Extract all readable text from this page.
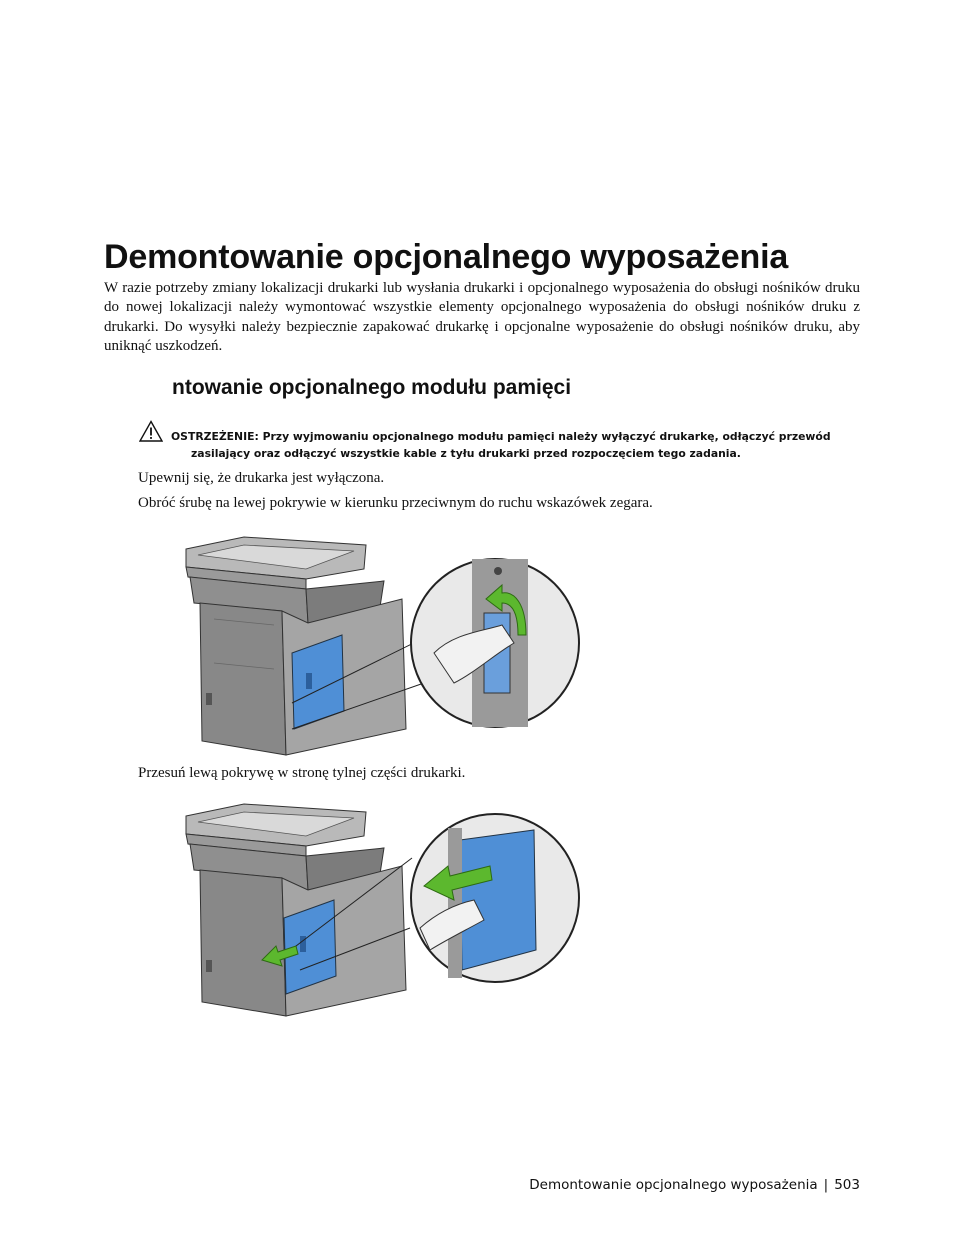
Demontowanie opcjonalnego wyposażenia
W razie potrzeby zmiany lokalizacji drukarki lub wysłania drukarki i opcjonalnego wyposażenia do obsługi nośników druku do nowej lokalizacji należy wymontować wszystkie elementy opcjonalnego wyposażenia do obsługi nośników druku z drukarki. Do wysyłki należy bezpiecznie zapakować drukarkę i opcjonalne wyposażenie do obsługi nośników druku, aby uniknąć uszkodzeń.
ntowanie opcjonalnego modułu pamięci
OSTRZEŻENIE: Przy wyjmowaniu opcjonalnego modułu pamięci należy wyłączyć drukarkę, odłączyć przewód
zasilający oraz odłączyć wszystkie kable z tyłu drukarki przed rozpoczęciem tego zadania.
Upewnij się, że drukarka jest wyłączona.
Obróć śrubę na lewej pokrywie w kierunku przeciwnym do ruchu wskazówek zegara.
Przesuń lewą pokrywę w stronę tylnej części drukarki.
Demontowanie opcjonalnego wyposażenia | 503
